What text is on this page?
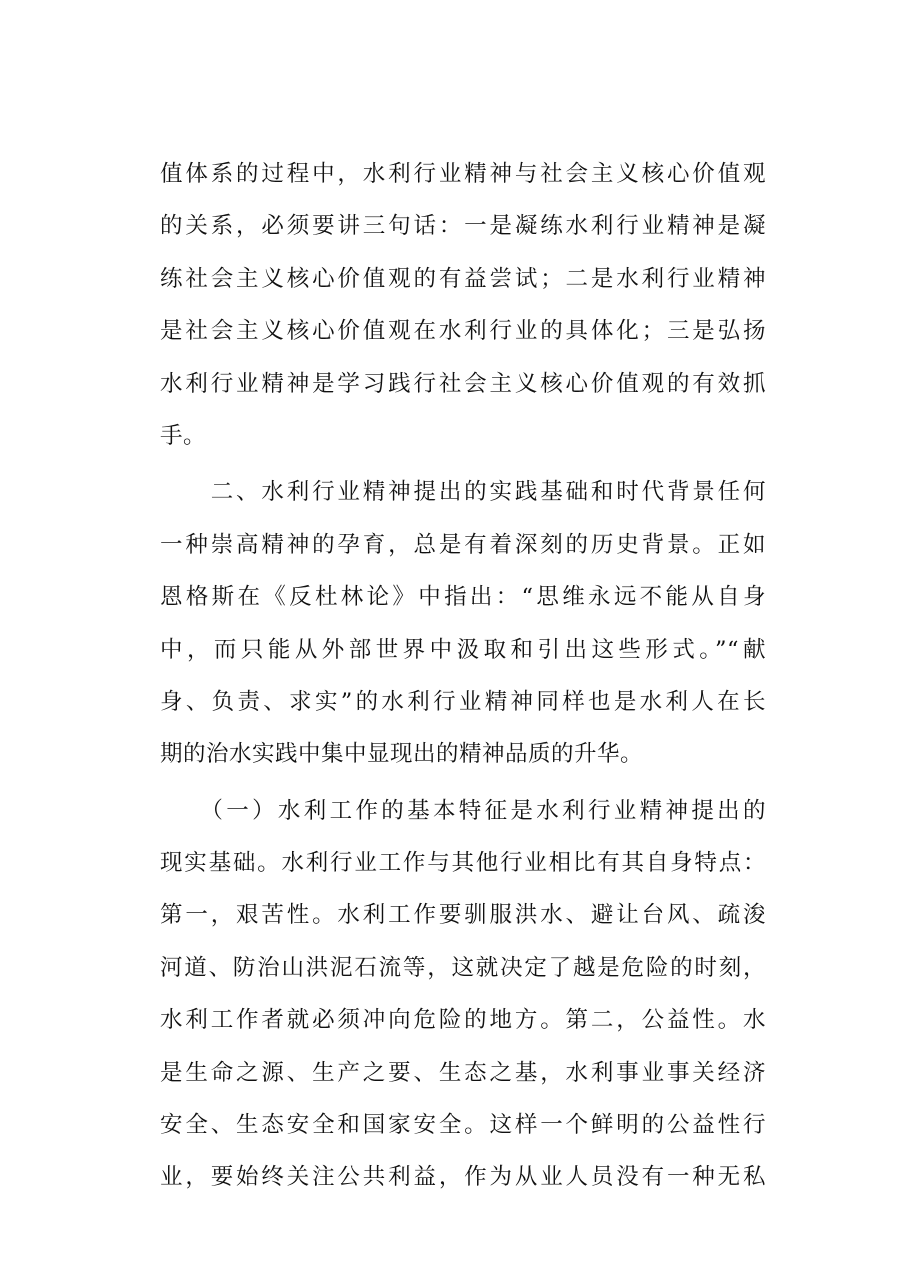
值体系的过程中，水利行业精神与社会主义核心价值观
的关系，必须要讲三句话：一是凝练水利行业精神是凝
练社会主义核心价值观的有益尝试；二是水利行业精神
是社会主义核心价值观在水利行业的具体化；三是弘扬
水利行业精神是学习践行社会主义核心价值观的有效抓
手。
　　二、水利行业精神提出的实践基础和时代背景任何
一种崇高精神的孕育，总是有着深刻的历史背景。正如
恩格斯在《反杜林论》中指出：“思维永远不能从自身
中，而只能从外部世界中汲取和引出这些形式。”“献
身、负责、求实”的水利行业精神同样也是水利人在长
期的治水实践中集中显现出的精神品质的升华。
　　（一）水利工作的基本特征是水利行业精神提出的
现实基础。水利行业工作与其他行业相比有其自身特点：
第一，艰苦性。水利工作要驯服洪水、避让台风、疏浚
河道、防治山洪泥石流等，这就决定了越是危险的时刻，
水利工作者就必须冲向危险的地方。第二，公益性。水
是生命之源、生产之要、生态之基，水利事业事关经济
安全、生态安全和国家安全。这样一个鲜明的公益性行
业，要始终关注公共利益，作为从业人员没有一种无私
